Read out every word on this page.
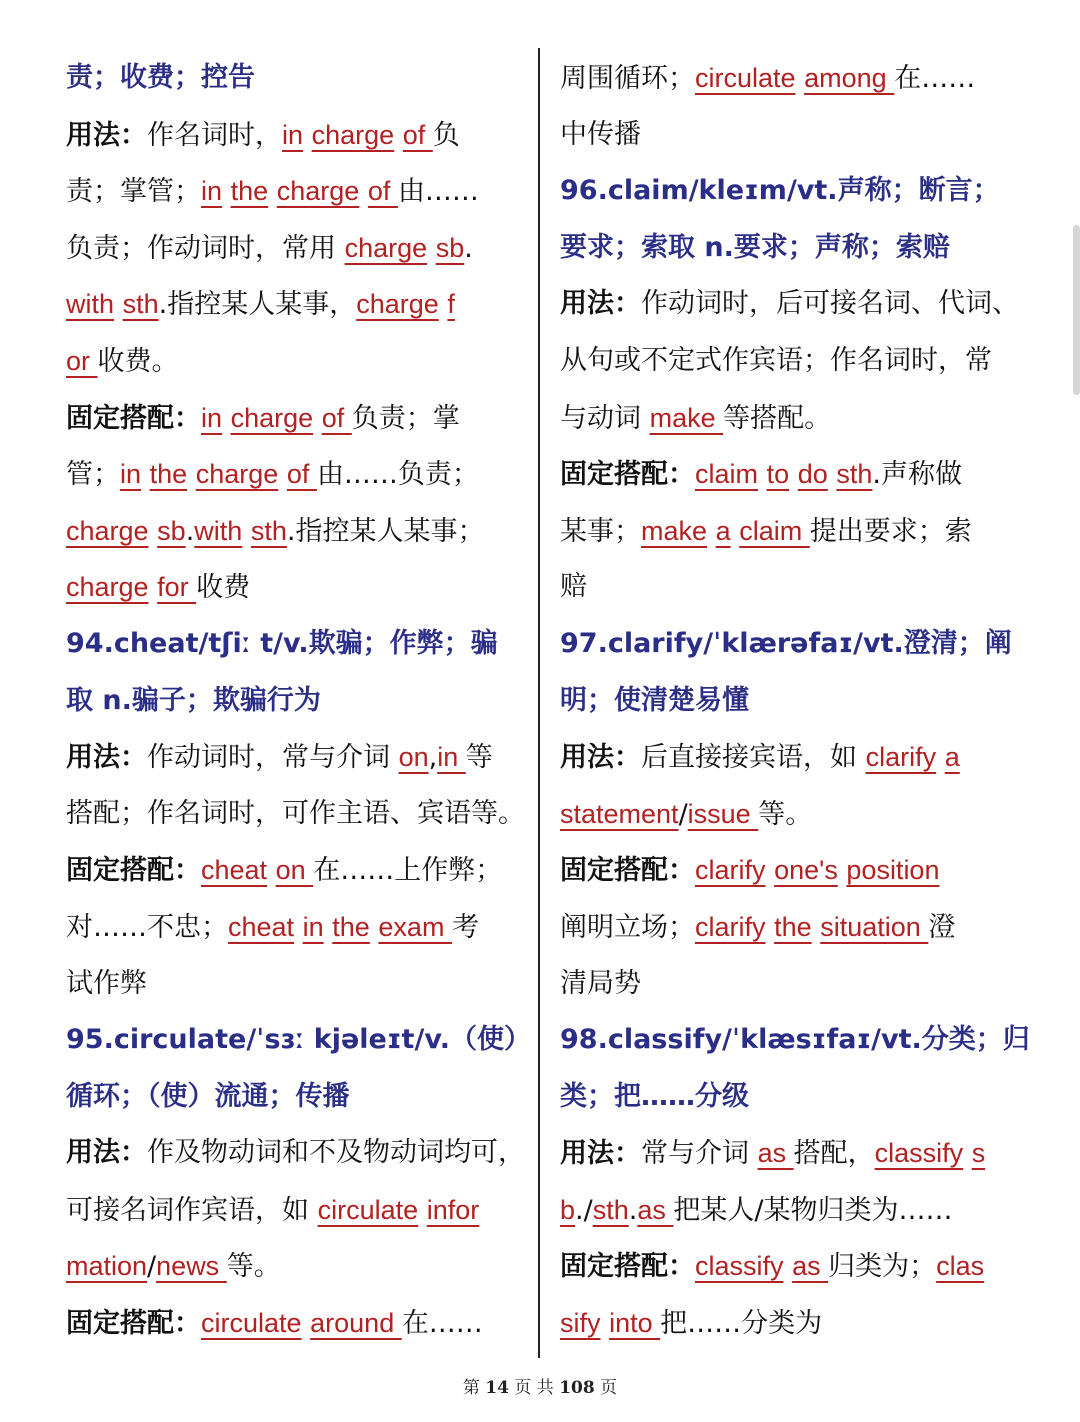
责；收费；控告
用法：作名词时，in charge of 负
责；掌管；in the charge of 由……
负责；作动词时，常用 charge sb.
with sth.指控某人某事，charge f
or 收费。
固定搭配：in charge of 负责；掌
管；in the charge of 由……负责；
charge sb.with sth.指控某人某事；
charge for 收费
94.cheat/tʃiː t/v.欺骗；作弊；骗
取 n.骗子；欺骗行为
用法：作动词时，常与介词 on,in 等
搭配；作名词时，可作主语、宾语等。
固定搭配：cheat on 在……上作弊；
对……不忠；cheat in the exam 考
试作弊
95.circulate/ˈsɜː kjəleɪt/v.（使）
循环；（使）流通；传播
用法：作及物动词和不及物动词均可，
可接名词作宾语，如 circulate infor
mation/news 等。
固定搭配：circulate around 在……
周围循环；circulate among 在……
中传播
96.claim/kleɪm/vt.声称；断言；
要求；索取 n.要求；声称；索赔
用法：作动词时，后可接名词、代词、
从句或不定式作宾语；作名词时，常
与动词 make 等搭配。
固定搭配：claim to do sth.声称做
某事；make a claim 提出要求；索
赔
97.clarify/ˈklærəfaɪ/vt.澄清；阐
明；使清楚易懂
用法：后直接接宾语，如 clarify a
statement/issue 等。
固定搭配：clarify one's position
阐明立场；clarify the situation 澄
清局势
98.classify/ˈklæsɪfaɪ/vt.分类；归
类；把……分级
用法：常与介词 as 搭配，classify s
b./sth.as 把某人/某物归类为……
固定搭配：classify as 归类为；clas
sify into 把……分类为
第 14 页 共 108 页
